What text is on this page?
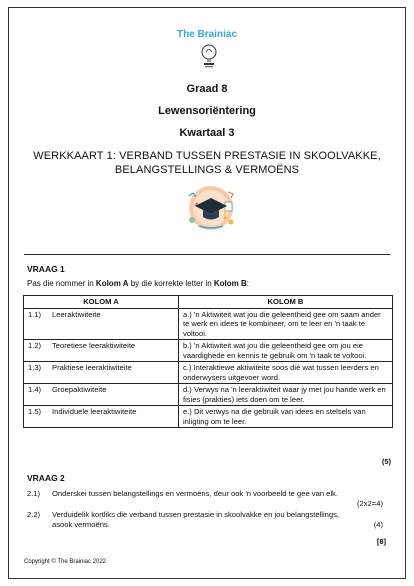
The Brainiac
Graad 8
Lewensoriëntering
Kwartaal 3
WERKKAART 1: VERBAND TUSSEN PRESTASIE IN SKOOLVAKKE,
BELANGSTELLINGS & VERMOËNS
VRAAG 1
Pas die nommer in Kolom A by die korrekte letter in Kolom B:
KOLOM A	KOLOM B
1.1) Leeraktiwiteite	a.) 'n Aktiwiteit wat jou die geleentheid gee om saam ander te werk en idees te kombineer, om te leer en 'n taak te voltooi.
1.2) Teoretiese leeraktiwiteite	b.) 'n Aktiwiteit wat jou die geleentheid gee om jou eie vaardighede en kennis te gebruik om 'n taak te voltooi.
1.3) Praktiese leeraktiwiteite	c.) Interaktiewe aktiwiteite soos dié wat tussen leerders en onderwysers uitgevoer word.
1.4) Groepaktiwiteite	d.) Verwys na 'n leeraktiwiteit waar jy met jou hande werk en fisies (prakties) iets doen om te leer.
1.5) Individuele leeraktiwiteite	e.) Dit verwys na die gebruik van idees en stelsels van inligting om te leer.
(5)
VRAAG 2
2.1) Onderskei tussen belangstellings en vermoëns, deur ook 'n voorbeeld te gee van elk.
(2x2=4)
2.2) Verduidelik kortliks die verband tussen prestasie in skoolvakke en jou belangstellings, asook vermoëns.	(4)
[8]
Copyright © The Brainiac 2022
